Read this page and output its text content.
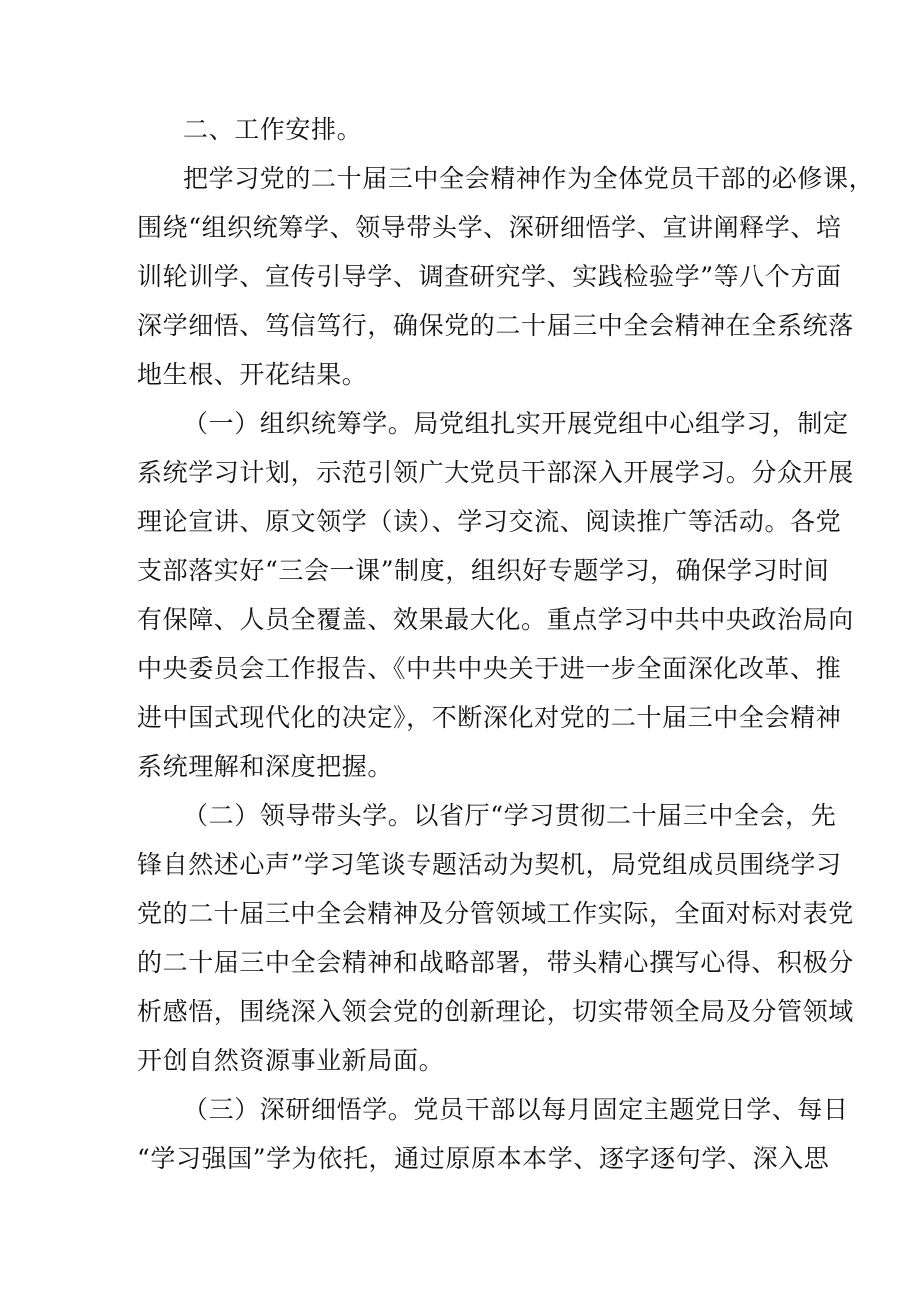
二、工作安排。
把学习党的二十届三中全会精神作为全体党员干部的必修课，
围绕“组织统筹学、领导带头学、深研细悟学、宣讲阐释学、培
训轮训学、宣传引导学、调查研究学、实践检验学”等八个方面
深学细悟、笃信笃行，确保党的二十届三中全会精神在全系统落
地生根、开花结果。
（一）组织统筹学。局党组扎实开展党组中心组学习，制定
系统学习计划，示范引领广大党员干部深入开展学习。分众开展
理论宣讲、原文领学（读）、学习交流、阅读推广等活动。各党
支部落实好“三会一课”制度，组织好专题学习，确保学习时间
有保障、人员全覆盖、效果最大化。重点学习中共中央政治局向
中央委员会工作报告、《中共中央关于进一步全面深化改革、推
进中国式现代化的决定》，不断深化对党的二十届三中全会精神
系统理解和深度把握。
（二）领导带头学。以省厅“学习贯彻二十届三中全会，先
锋自然述心声”学习笔谈专题活动为契机，局党组成员围绕学习
党的二十届三中全会精神及分管领域工作实际，全面对标对表党
的二十届三中全会精神和战略部署，带头精心撰写心得、积极分
析感悟，围绕深入领会党的创新理论，切实带领全局及分管领域
开创自然资源事业新局面。
（三）深研细悟学。党员干部以每月固定主题党日学、每日
“学习强国”学为依托，通过原原本本学、逐字逐句学、深入思
